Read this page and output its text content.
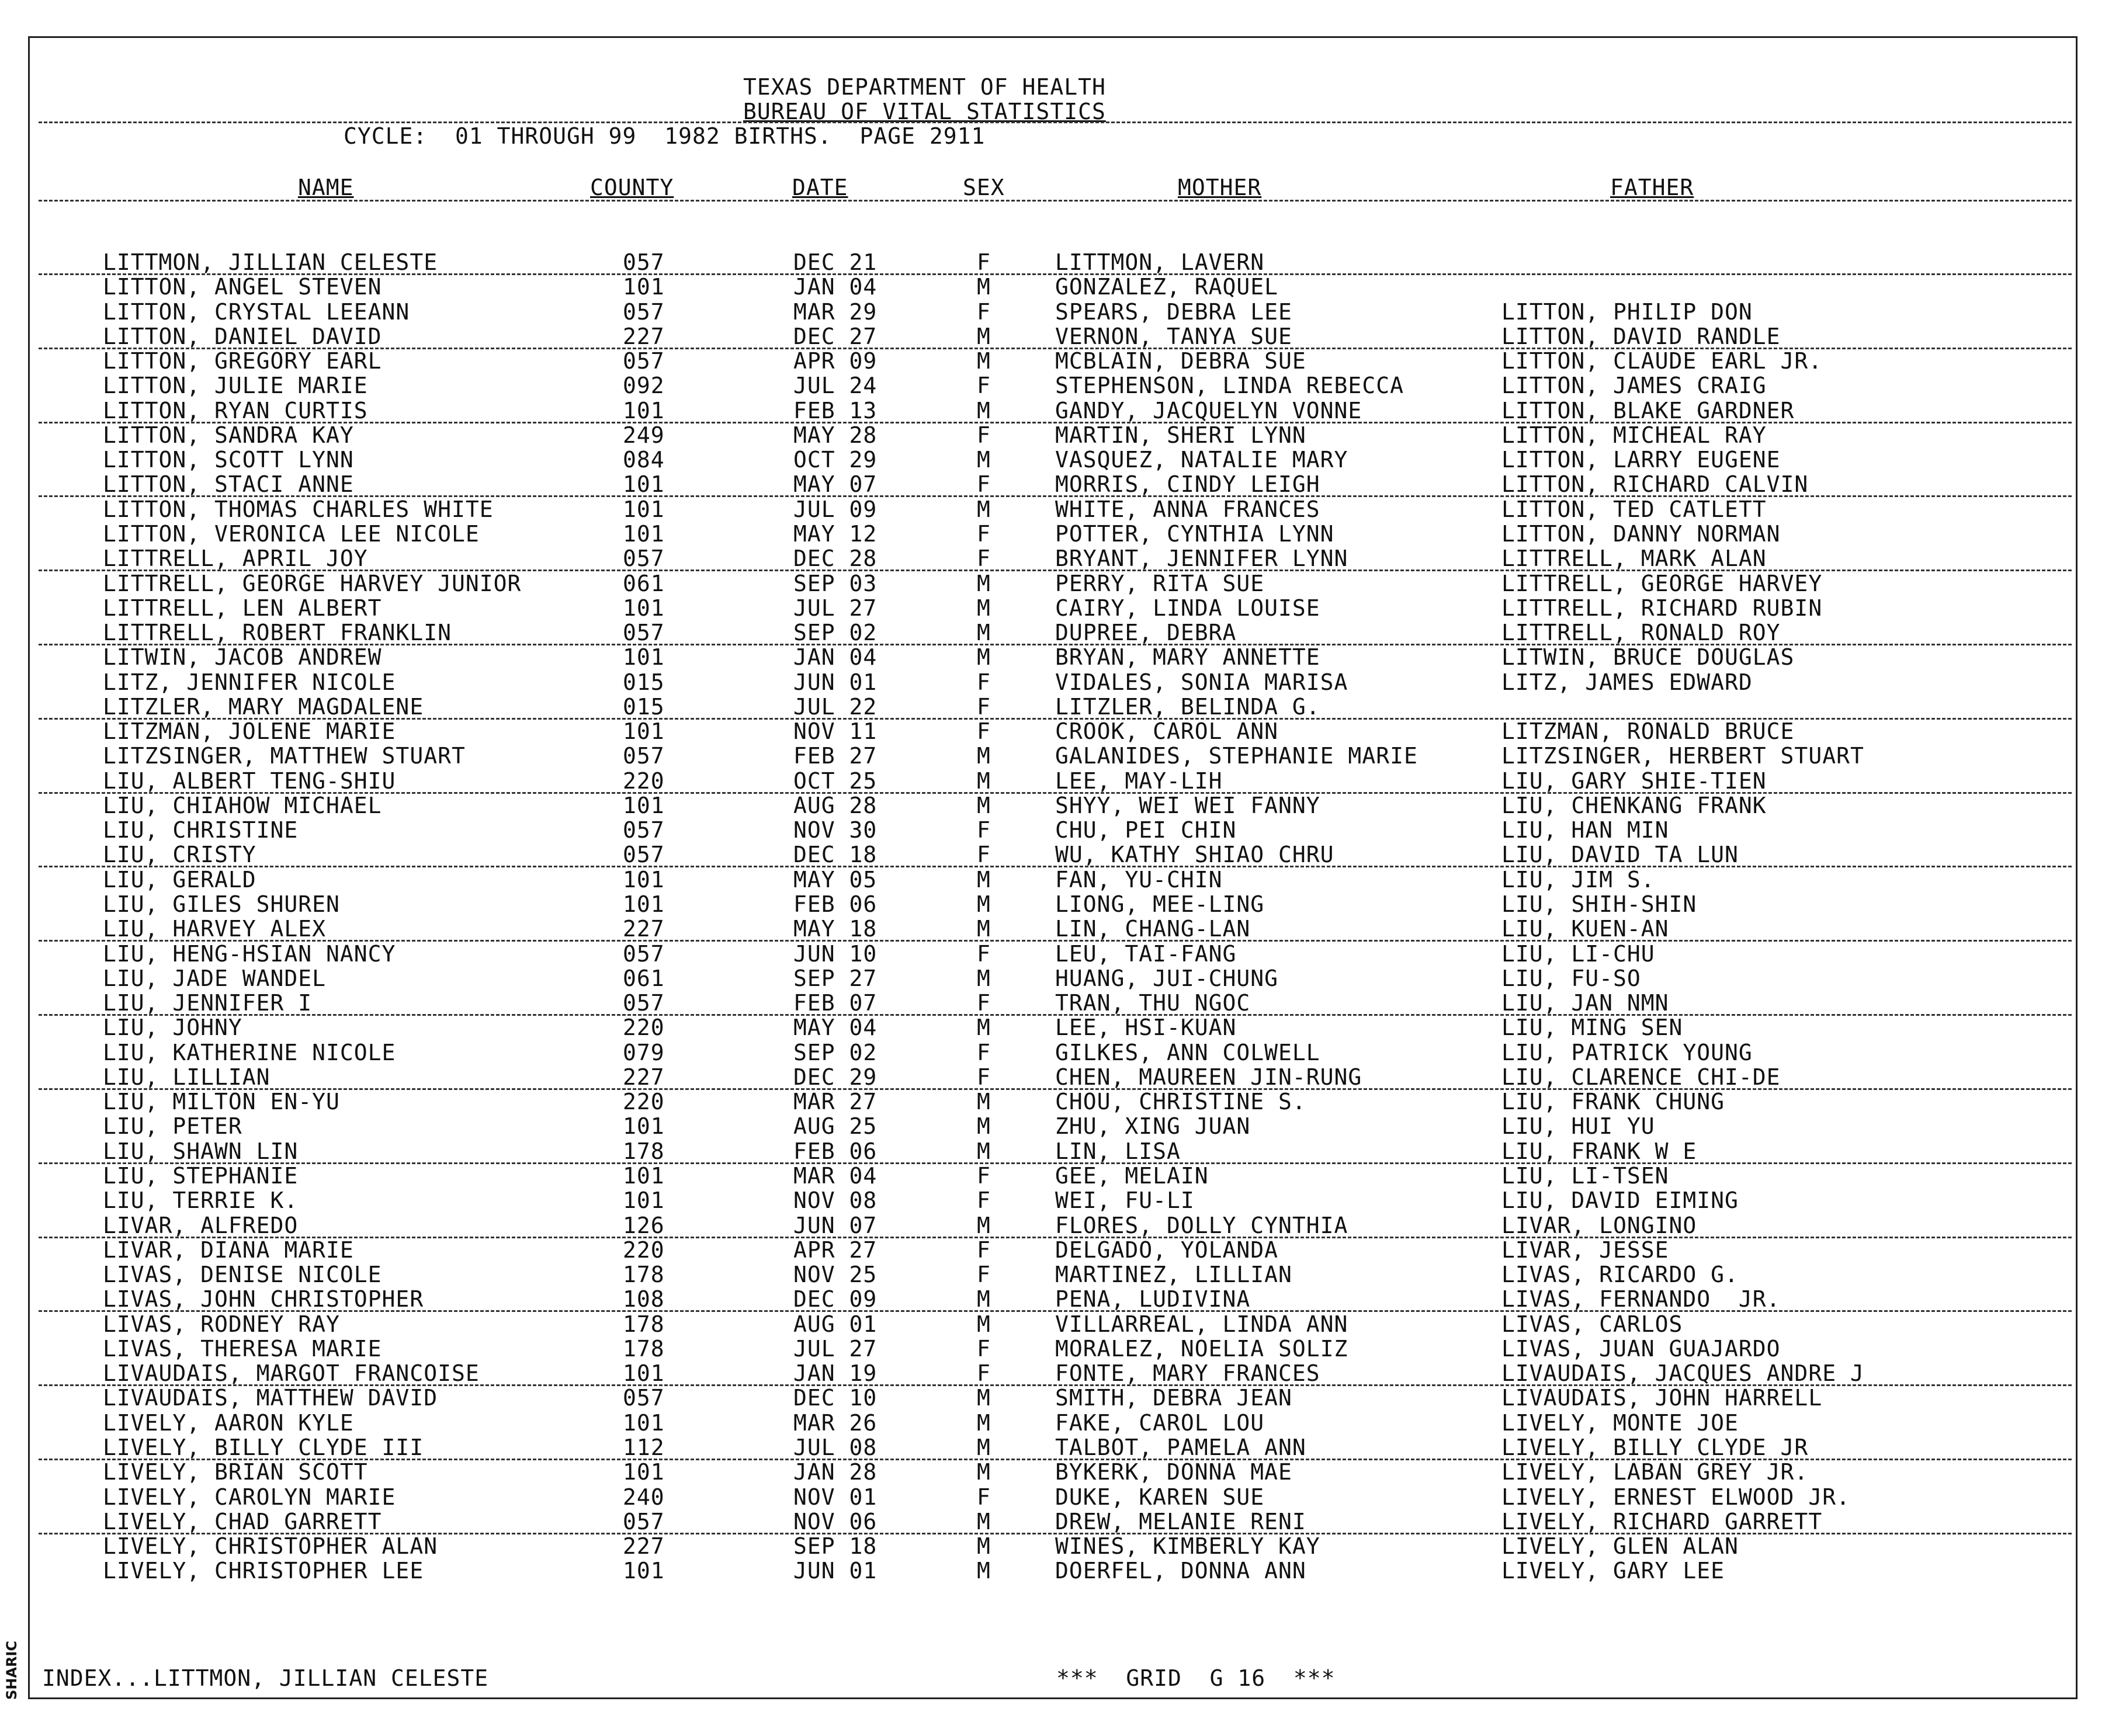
TEXAS DEPARTMENT OF HEALTH
BUREAU OF VITAL STATISTICS
CYCLE:  01 THROUGH 99  1982 BIRTHS.  PAGE 2911
NAME	COUNTY	DATE	SEX	MOTHER	FATHER
LITTMON, JILLIAN CELESTE	057	DEC 21	F	LITTMON, LAVERN
LITTON, ANGEL STEVEN	101	JAN 04	M	GONZALEZ, RAQUEL
LITTON, CRYSTAL LEEANN	057	MAR 29	F	SPEARS, DEBRA LEE	LITTON, PHILIP DON
LITTON, DANIEL DAVID	227	DEC 27	M	VERNON, TANYA SUE	LITTON, DAVID RANDLE
LITTON, GREGORY EARL	057	APR 09	M	MCBLAIN, DEBRA SUE	LITTON, CLAUDE EARL JR.
LITTON, JULIE MARIE	092	JUL 24	F	STEPHENSON, LINDA REBECCA	LITTON, JAMES CRAIG
LITTON, RYAN CURTIS	101	FEB 13	M	GANDY, JACQUELYN VONNE	LITTON, BLAKE GARDNER
LITTON, SANDRA KAY	249	MAY 28	F	MARTIN, SHERI LYNN	LITTON, MICHEAL RAY
LITTON, SCOTT LYNN	084	OCT 29	M	VASQUEZ, NATALIE MARY	LITTON, LARRY EUGENE
LITTON, STACI ANNE	101	MAY 07	F	MORRIS, CINDY LEIGH	LITTON, RICHARD CALVIN
LITTON, THOMAS CHARLES WHITE	101	JUL 09	M	WHITE, ANNA FRANCES	LITTON, TED CATLETT
LITTON, VERONICA LEE NICOLE	101	MAY 12	F	POTTER, CYNTHIA LYNN	LITTON, DANNY NORMAN
LITTRELL, APRIL JOY	057	DEC 28	F	BRYANT, JENNIFER LYNN	LITTRELL, MARK ALAN
LITTRELL, GEORGE HARVEY JUNIOR	061	SEP 03	M	PERRY, RITA SUE	LITTRELL, GEORGE HARVEY
LITTRELL, LEN ALBERT	101	JUL 27	M	CAIRY, LINDA LOUISE	LITTRELL, RICHARD RUBIN
LITTRELL, ROBERT FRANKLIN	057	SEP 02	M	DUPREE, DEBRA	LITTRELL, RONALD ROY
LITWIN, JACOB ANDREW	101	JAN 04	M	BRYAN, MARY ANNETTE	LITWIN, BRUCE DOUGLAS
LITZ, JENNIFER NICOLE	015	JUN 01	F	VIDALES, SONIA MARISA	LITZ, JAMES EDWARD
LITZLER, MARY MAGDALENE	015	JUL 22	F	LITZLER, BELINDA G.
LITZMAN, JOLENE MARIE	101	NOV 11	F	CROOK, CAROL ANN	LITZMAN, RONALD BRUCE
LITZSINGER, MATTHEW STUART	057	FEB 27	M	GALANIDES, STEPHANIE MARIE	LITZSINGER, HERBERT STUART
LIU, ALBERT TENG-SHIU	220	OCT 25	M	LEE, MAY-LIH	LIU, GARY SHIE-TIEN
LIU, CHIAHOW MICHAEL	101	AUG 28	M	SHYY, WEI WEI FANNY	LIU, CHENKANG FRANK
LIU, CHRISTINE	057	NOV 30	F	CHU, PEI CHIN	LIU, HAN MIN
LIU, CRISTY	057	DEC 18	F	WU, KATHY SHIAO CHRU	LIU, DAVID TA LUN
LIU, GERALD	101	MAY 05	M	FAN, YU-CHIN	LIU, JIM S.
LIU, GILES SHUREN	101	FEB 06	M	LIONG, MEE-LING	LIU, SHIH-SHIN
LIU, HARVEY ALEX	227	MAY 18	M	LIN, CHANG-LAN	LIU, KUEN-AN
LIU, HENG-HSIAN NANCY	057	JUN 10	F	LEU, TAI-FANG	LIU, LI-CHU
LIU, JADE WANDEL	061	SEP 27	M	HUANG, JUI-CHUNG	LIU, FU-SO
LIU, JENNIFER I	057	FEB 07	F	TRAN, THU NGOC	LIU, JAN NMN
LIU, JOHNY	220	MAY 04	M	LEE, HSI-KUAN	LIU, MING SEN
LIU, KATHERINE NICOLE	079	SEP 02	F	GILKES, ANN COLWELL	LIU, PATRICK YOUNG
LIU, LILLIAN	227	DEC 29	F	CHEN, MAUREEN JIN-RUNG	LIU, CLARENCE CHI-DE
LIU, MILTON EN-YU	220	MAR 27	M	CHOU, CHRISTINE S.	LIU, FRANK CHUNG
LIU, PETER	101	AUG 25	M	ZHU, XING JUAN	LIU, HUI YU
LIU, SHAWN LIN	178	FEB 06	M	LIN, LISA	LIU, FRANK W E
LIU, STEPHANIE	101	MAR 04	F	GEE, MELAIN	LIU, LI-TSEN
LIU, TERRIE K.	101	NOV 08	F	WEI, FU-LI	LIU, DAVID EIMING
LIVAR, ALFREDO	126	JUN 07	M	FLORES, DOLLY CYNTHIA	LIVAR, LONGINO
LIVAR, DIANA MARIE	220	APR 27	F	DELGADO, YOLANDA	LIVAR, JESSE
LIVAS, DENISE NICOLE	178	NOV 25	F	MARTINEZ, LILLIAN	LIVAS, RICARDO G.
LIVAS, JOHN CHRISTOPHER	108	DEC 09	M	PENA, LUDIVINA	LIVAS, FERNANDO  JR.
LIVAS, RODNEY RAY	178	AUG 01	M	VILLARREAL, LINDA ANN	LIVAS, CARLOS
LIVAS, THERESA MARIE	178	JUL 27	F	MORALEZ, NOELIA SOLIZ	LIVAS, JUAN GUAJARDO
LIVAUDAIS, MARGOT FRANCOISE	101	JAN 19	F	FONTE, MARY FRANCES	LIVAUDAIS, JACQUES ANDRE J
LIVAUDAIS, MATTHEW DAVID	057	DEC 10	M	SMITH, DEBRA JEAN	LIVAUDAIS, JOHN HARRELL
LIVELY, AARON KYLE	101	MAR 26	M	FAKE, CAROL LOU	LIVELY, MONTE JOE
LIVELY, BILLY CLYDE III	112	JUL 08	M	TALBOT, PAMELA ANN	LIVELY, BILLY CLYDE JR
LIVELY, BRIAN SCOTT	101	JAN 28	M	BYKERK, DONNA MAE	LIVELY, LABAN GREY JR.
LIVELY, CAROLYN MARIE	240	NOV 01	F	DUKE, KAREN SUE	LIVELY, ERNEST ELWOOD JR.
LIVELY, CHAD GARRETT	057	NOV 06	M	DREW, MELANIE RENI	LIVELY, RICHARD GARRETT
LIVELY, CHRISTOPHER ALAN	227	SEP 18	M	WINES, KIMBERLY KAY	LIVELY, GLEN ALAN
LIVELY, CHRISTOPHER LEE	101	JUN 01	M	DOERFEL, DONNA ANN	LIVELY, GARY LEE
INDEX...LITTMON, JILLIAN CELESTE	***  GRID  G 16  ***
SHARIC
